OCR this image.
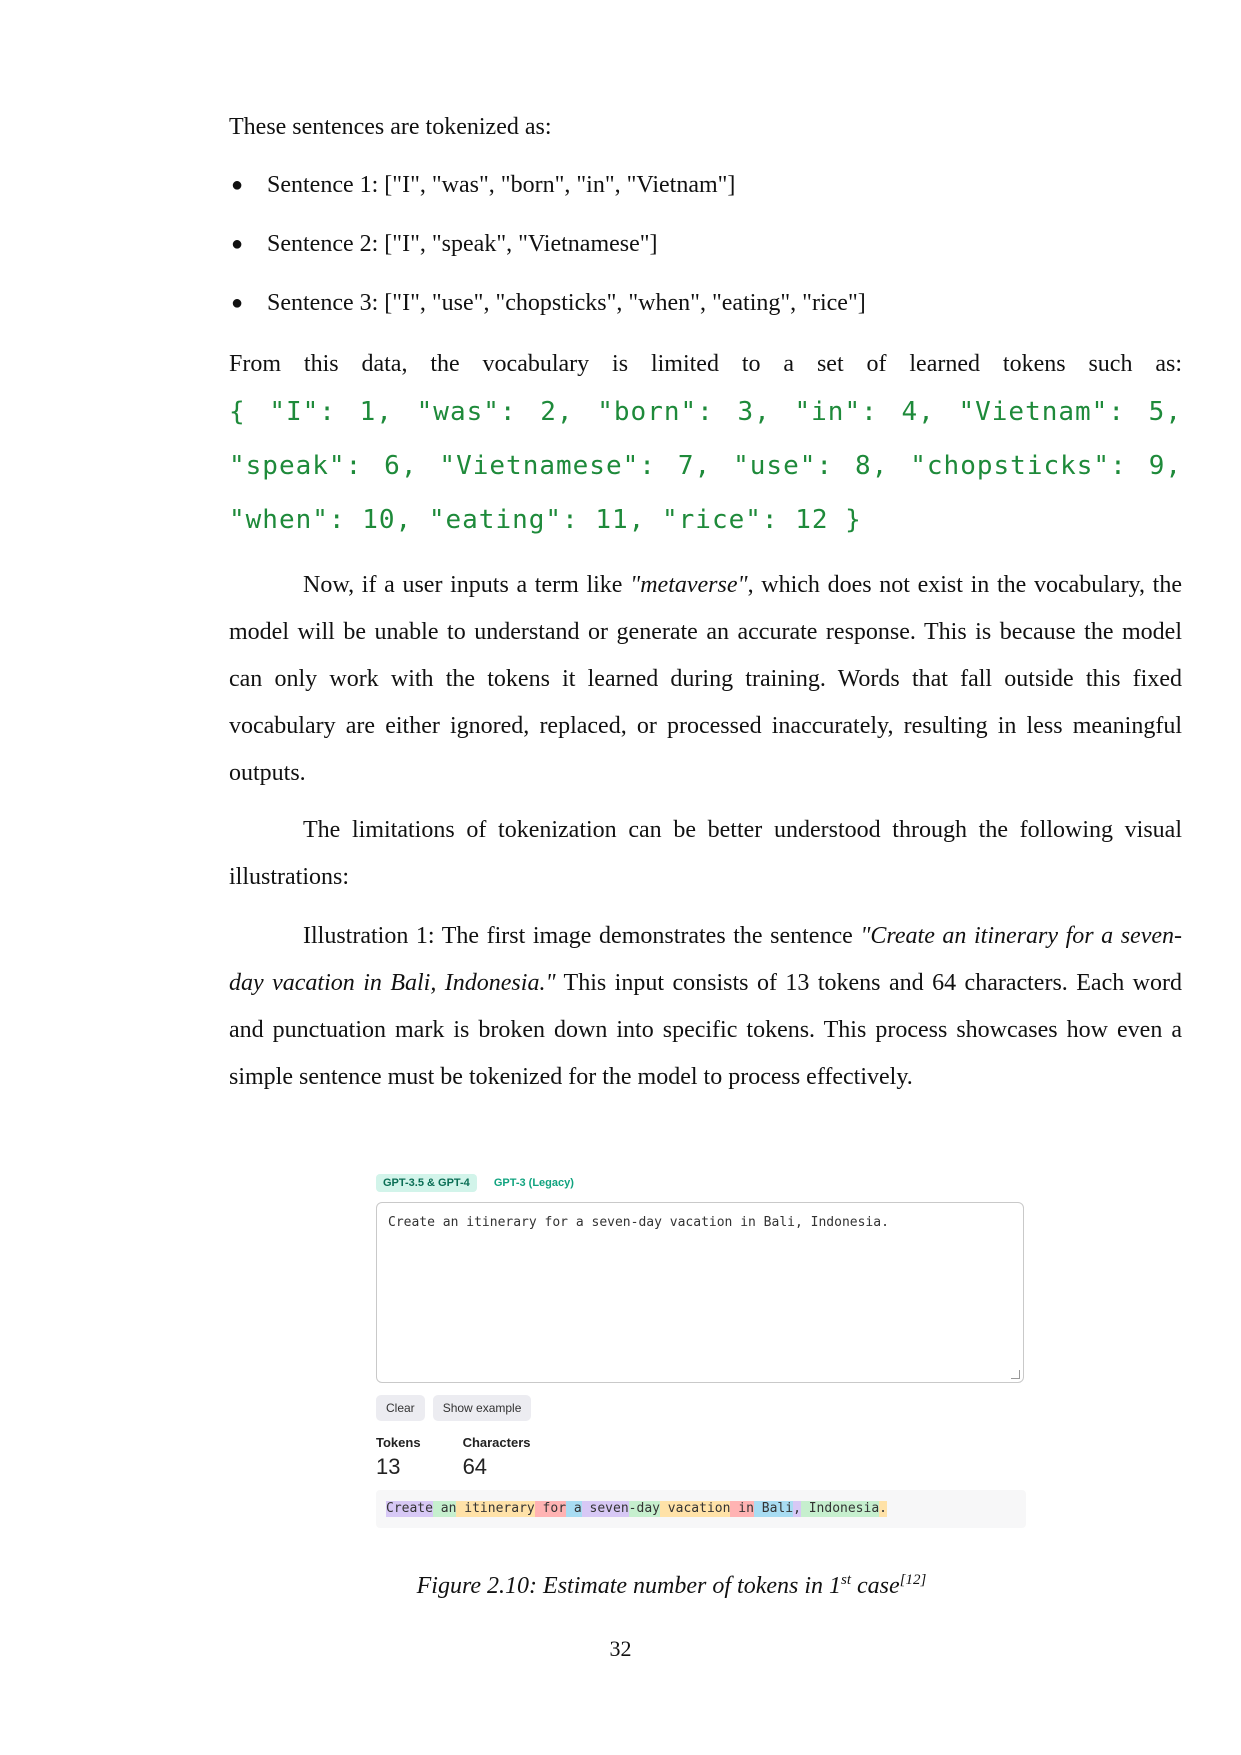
These sentences are tokenized as:

● Sentence 1: ["I", "was", "born", "in", "Vietnam"]
● Sentence 2: ["I", "speak", "Vietnamese"]
● Sentence 3: ["I", "use", "chopsticks", "when", "eating", "rice"]

From this data, the vocabulary is limited to a set of learned tokens such as:

{ "I": 1, "was": 2, "born": 3, "in": 4, "Vietnam": 5,
"speak": 6, "Vietnamese": 7, "use": 8, "chopsticks": 9,
"when": 10, "eating": 11, "rice": 12 }

Now, if a user inputs a term like "metaverse", which does not exist in the vocabulary, the model will be unable to understand or generate an accurate response. This is because the model can only work with the tokens it learned during training. Words that fall outside this fixed vocabulary are either ignored, replaced, or processed inaccurately, resulting in less meaningful outputs.

The limitations of tokenization can be better understood through the following visual illustrations:

Illustration 1: The first image demonstrates the sentence "Create an itinerary for a seven-day vacation in Bali, Indonesia." This input consists of 13 tokens and 64 characters. Each word and punctuation mark is broken down into specific tokens. This process showcases how even a simple sentence must be tokenized for the model to process effectively.

GPT-3.5 & GPT-4	GPT-3 (Legacy)
Create an itinerary for a seven-day vacation in Bali, Indonesia.
Clear	Show example
Tokens
13
Characters
64
Create an itinerary for a seven -day vacation in Bali , Indonesia .
Figure 2.10: Estimate number of tokens in 1st case[12]
32
